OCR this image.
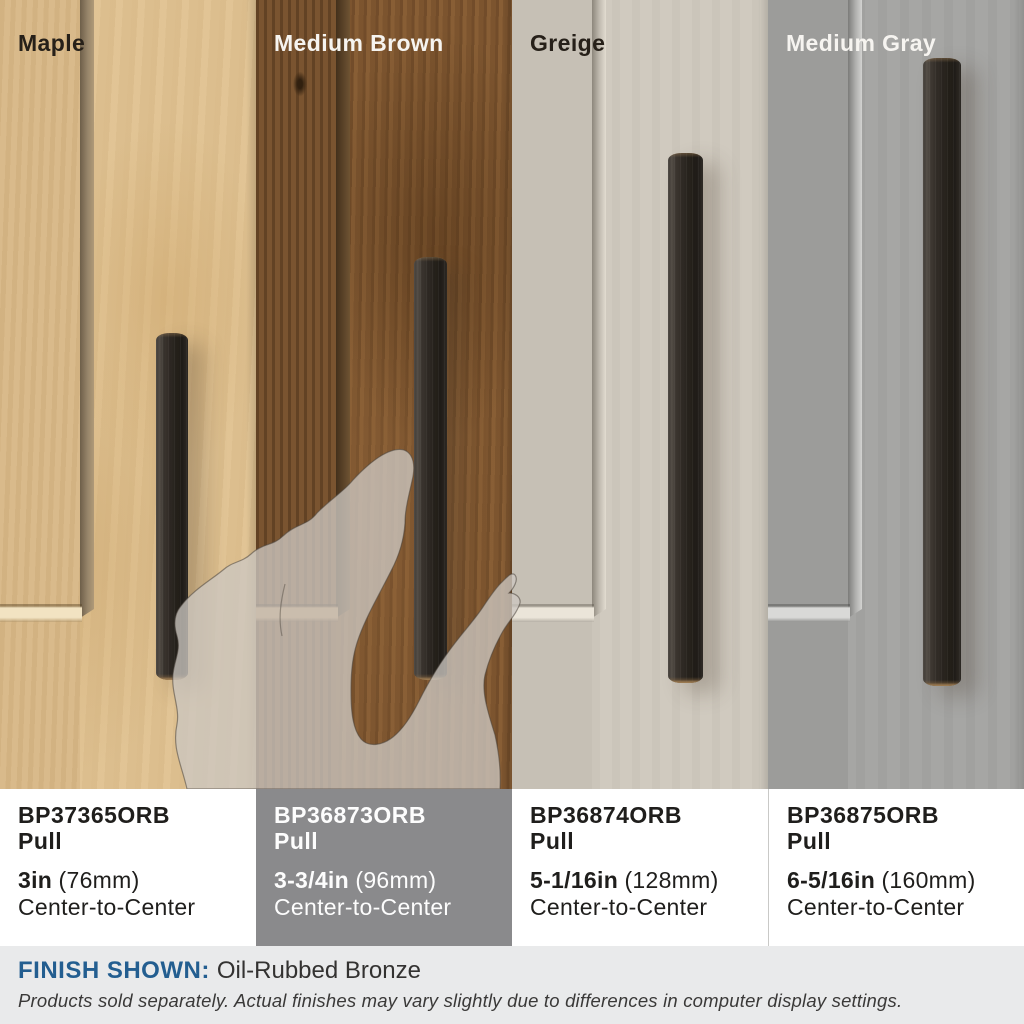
Maple	Medium Brown	Greige	Medium Gray
BP37365ORB
Pull
3in (76mm)
Center-to-Center
BP36873ORB
Pull
3-3/4in (96mm)
Center-to-Center
BP36874ORB
Pull
5-1/16in (128mm)
Center-to-Center
BP36875ORB
Pull
6-5/16in (160mm)
Center-to-Center
FINISH SHOWN: Oil-Rubbed Bronze
Products sold separately. Actual finishes may vary slightly due to differences in computer display settings.
